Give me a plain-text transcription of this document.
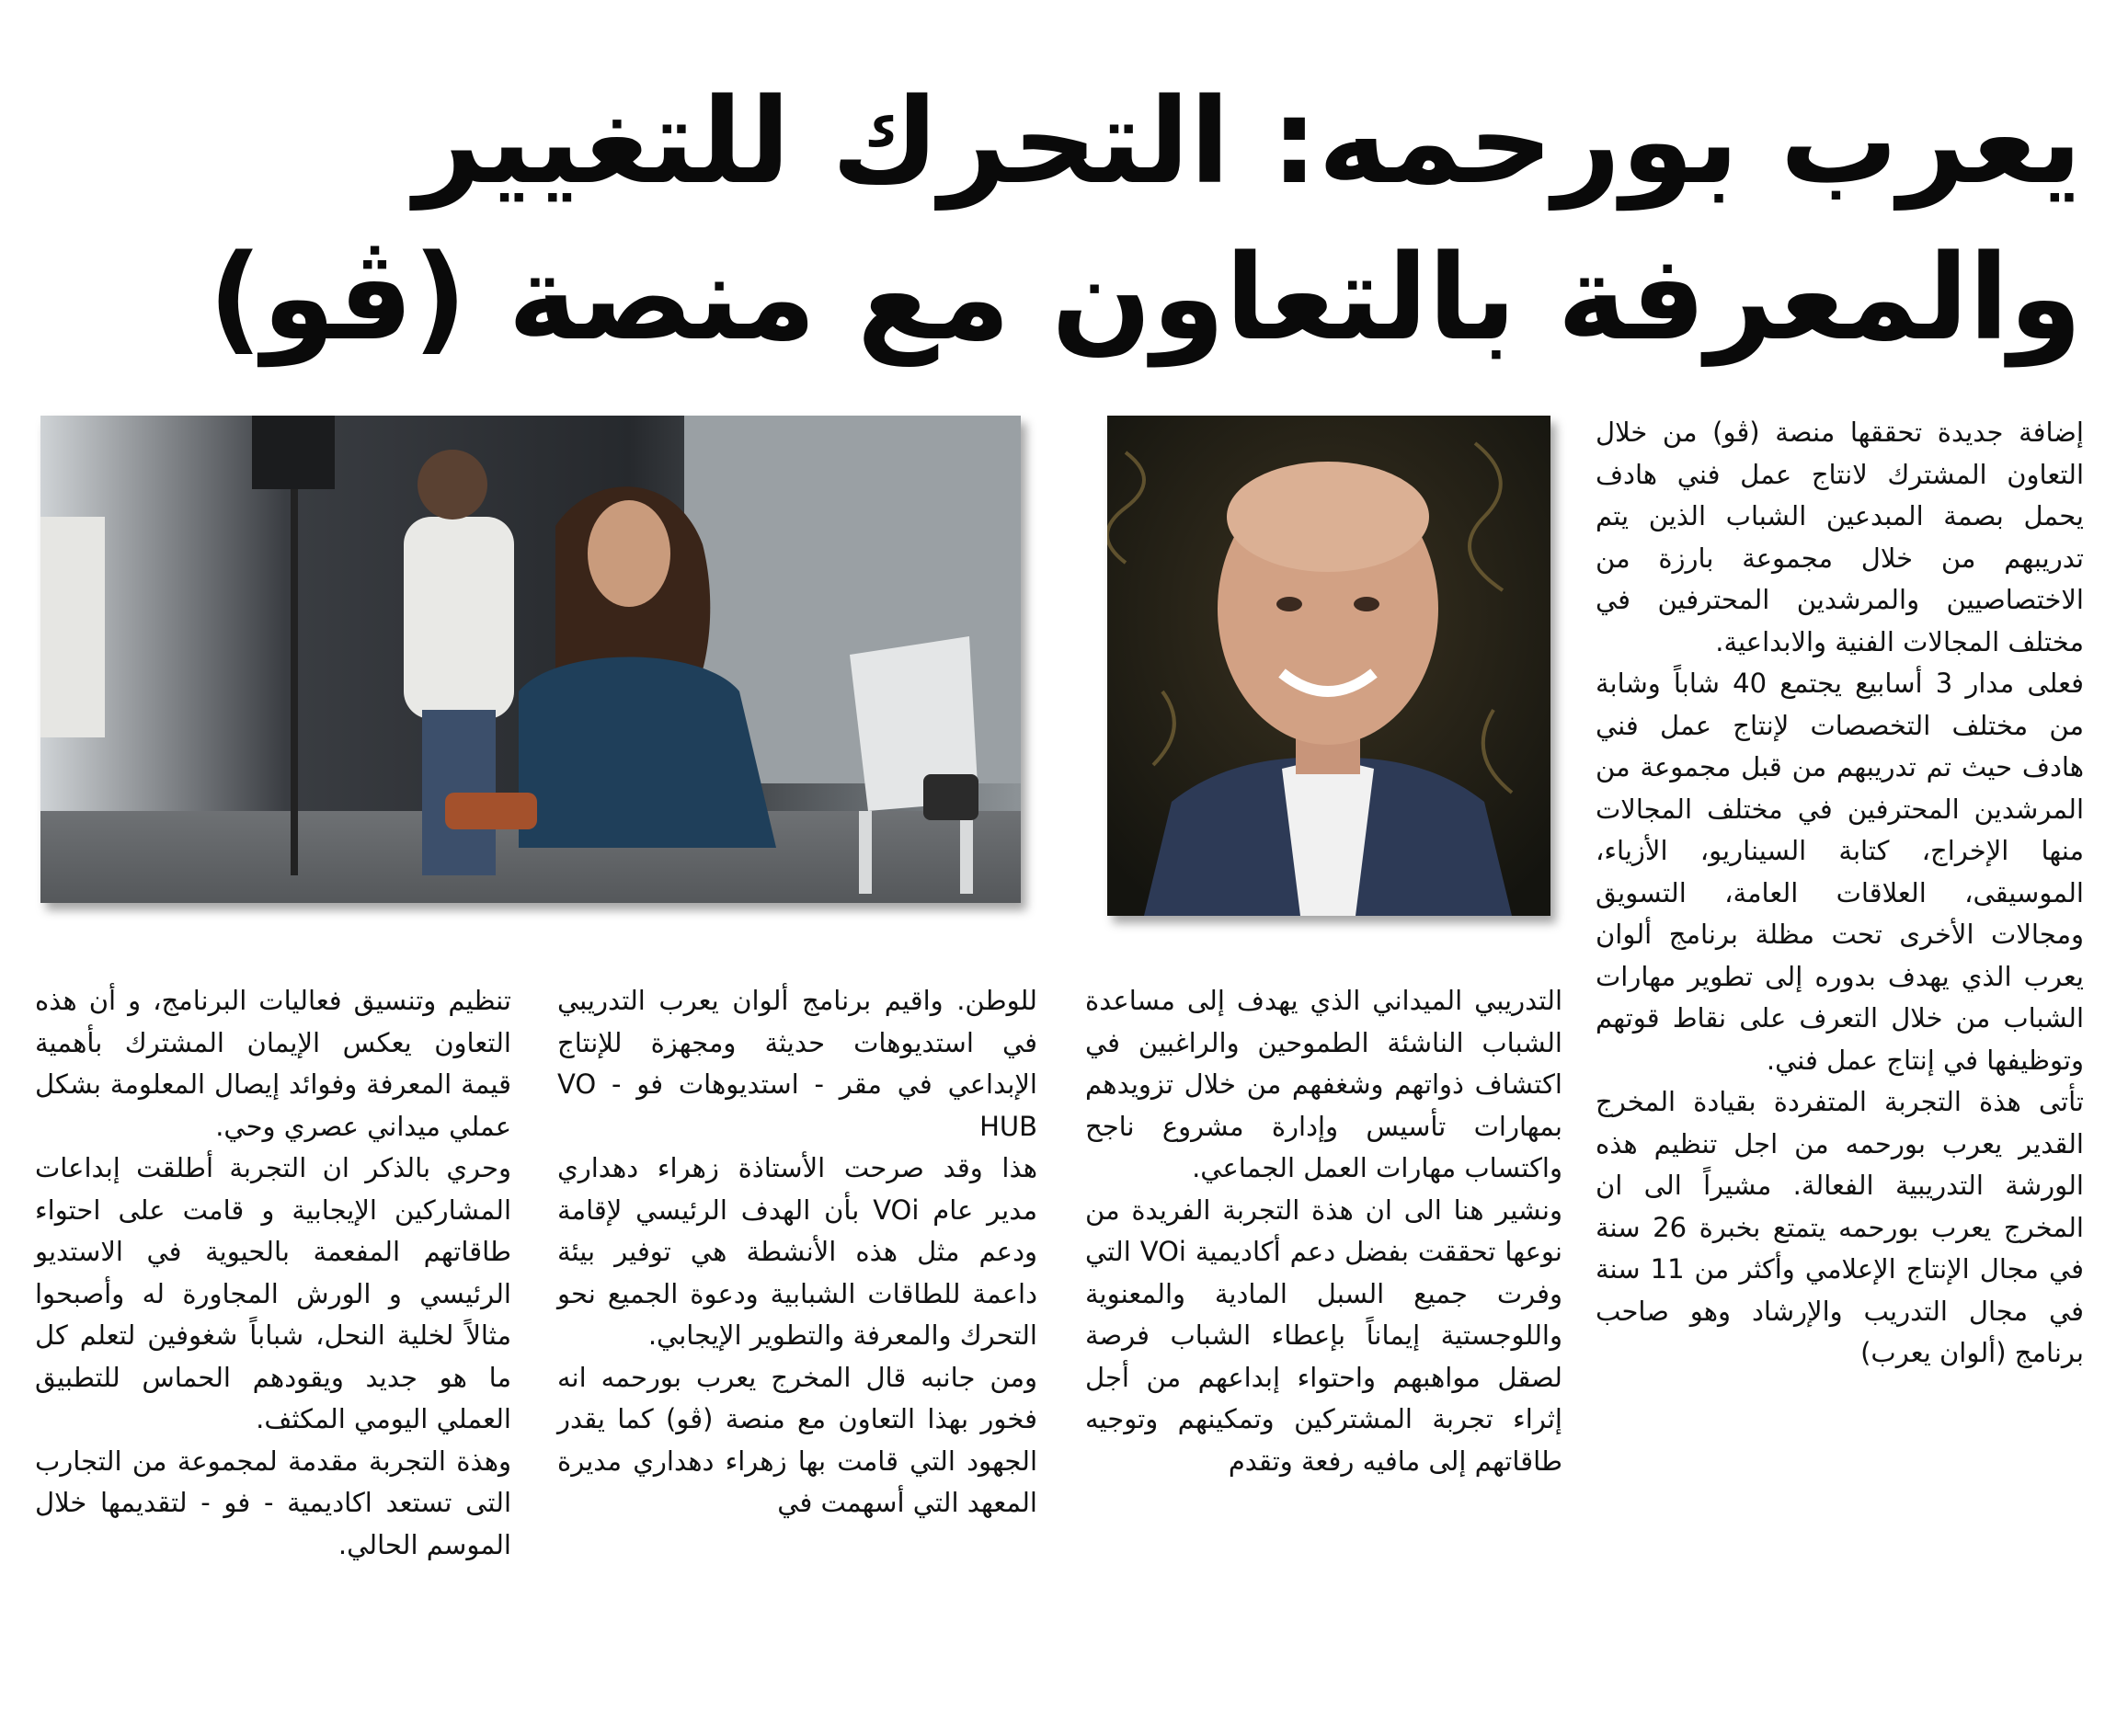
يعرب بورحمه: التحرك للتغيير والمعرفة بالتعاون مع منصة (ڤو)

إضافة جديدة تحققها منصة (ڤو) من خلال التعاون المشترك لانتاج عمل فني هادف يحمل بصمة المبدعين الشباب الذين يتم تدريبهم من خلال مجموعة بارزة من الاختصاصيين والمرشدين المحترفين في مختلف المجالات الفنية والابداعية.

فعلى مدار 3 أسابيع يجتمع 40 شاباً وشابة من مختلف التخصصات لإنتاج عمل فني هادف حيث تم تدريبهم من قبل مجموعة من المرشدين المحترفين في مختلف المجالات منها الإخراج، كتابة السيناريو، الأزياء، الموسيقى، العلاقات العامة، التسويق ومجالات الأخرى تحت مظلة برنامج ألوان يعرب الذي يهدف بدوره إلى تطوير مهارات الشباب من خلال التعرف على نقاط قوتهم وتوظيفها في إنتاج عمل فني.

تأتى هذة التجربة المتفردة بقيادة المخرج القدير يعرب بورحمه من اجل تنظيم هذه الورشة التدريبية الفعالة. مشيراً الى ان المخرج يعرب بورحمه يتمتع بخبرة 26 سنة في مجال الإنتاج الإعلامي وأكثر من 11 سنة في مجال التدريب والإرشاد وهو صاحب برنامج (ألوان يعرب)

التدريبي الميداني الذي يهدف إلى مساعدة الشباب الناشئة الطموحين والراغبين في اكتشاف ذواتهم وشغفهم من خلال تزويدهم بمهارات تأسيس وإدارة مشروع ناجح واكتساب مهارات العمل الجماعي.

ونشير هنا الى ان هذة التجربة الفريدة من نوعها تحققت بفضل دعم أكاديمية VOi التي وفرت جميع السبل المادية والمعنوية واللوجستية إيماناً بإعطاء الشباب فرصة لصقل مواهبهم واحتواء إبداعهم من أجل إثراء تجربة المشتركين وتمكينهم وتوجيه طاقاتهم إلى مافيه رفعة وتقدم

للوطن. واقيم برنامج ألوان يعرب التدريبي في استديوهات حديثة ومجهزة للإنتاج الإبداعي في مقر - استديوهات فو - VO HUB

هذا وقد صرحت الأستاذة زهراء دهداري مدير عام VOi بأن الهدف الرئيسي لإقامة ودعم مثل هذه الأنشطة هي توفير بيئة داعمة للطاقات الشبابية ودعوة الجميع نحو التحرك والمعرفة والتطوير الإيجابي.

ومن جانبه قال المخرج يعرب بورحمه انه فخور بهذا التعاون مع منصة (ڤو) كما يقدر الجهود التي قامت بها زهراء دهداري مديرة المعهد التي أسهمت في

تنظيم وتنسيق فعاليات البرنامج، و أن هذه التعاون يعكس الإيمان المشترك بأهمية قيمة المعرفة وفوائد إيصال المعلومة بشكل عملي ميداني عصري وحي.

وحري بالذكر ان التجربة أطلقت إبداعات المشاركين الإيجابية و قامت على احتواء طاقاتهم المفعمة بالحيوية في الاستديو الرئيسي و الورش المجاورة له وأصبحوا مثالاً لخلية النحل، شباباً شغوفين لتعلم كل ما هو جديد ويقودهم الحماس للتطبيق العملي اليومي المكثف.

وهذة التجربة مقدمة لمجموعة من التجارب التى تستعد اكاديمية - فو - لتقديمها خلال الموسم الحالي.
